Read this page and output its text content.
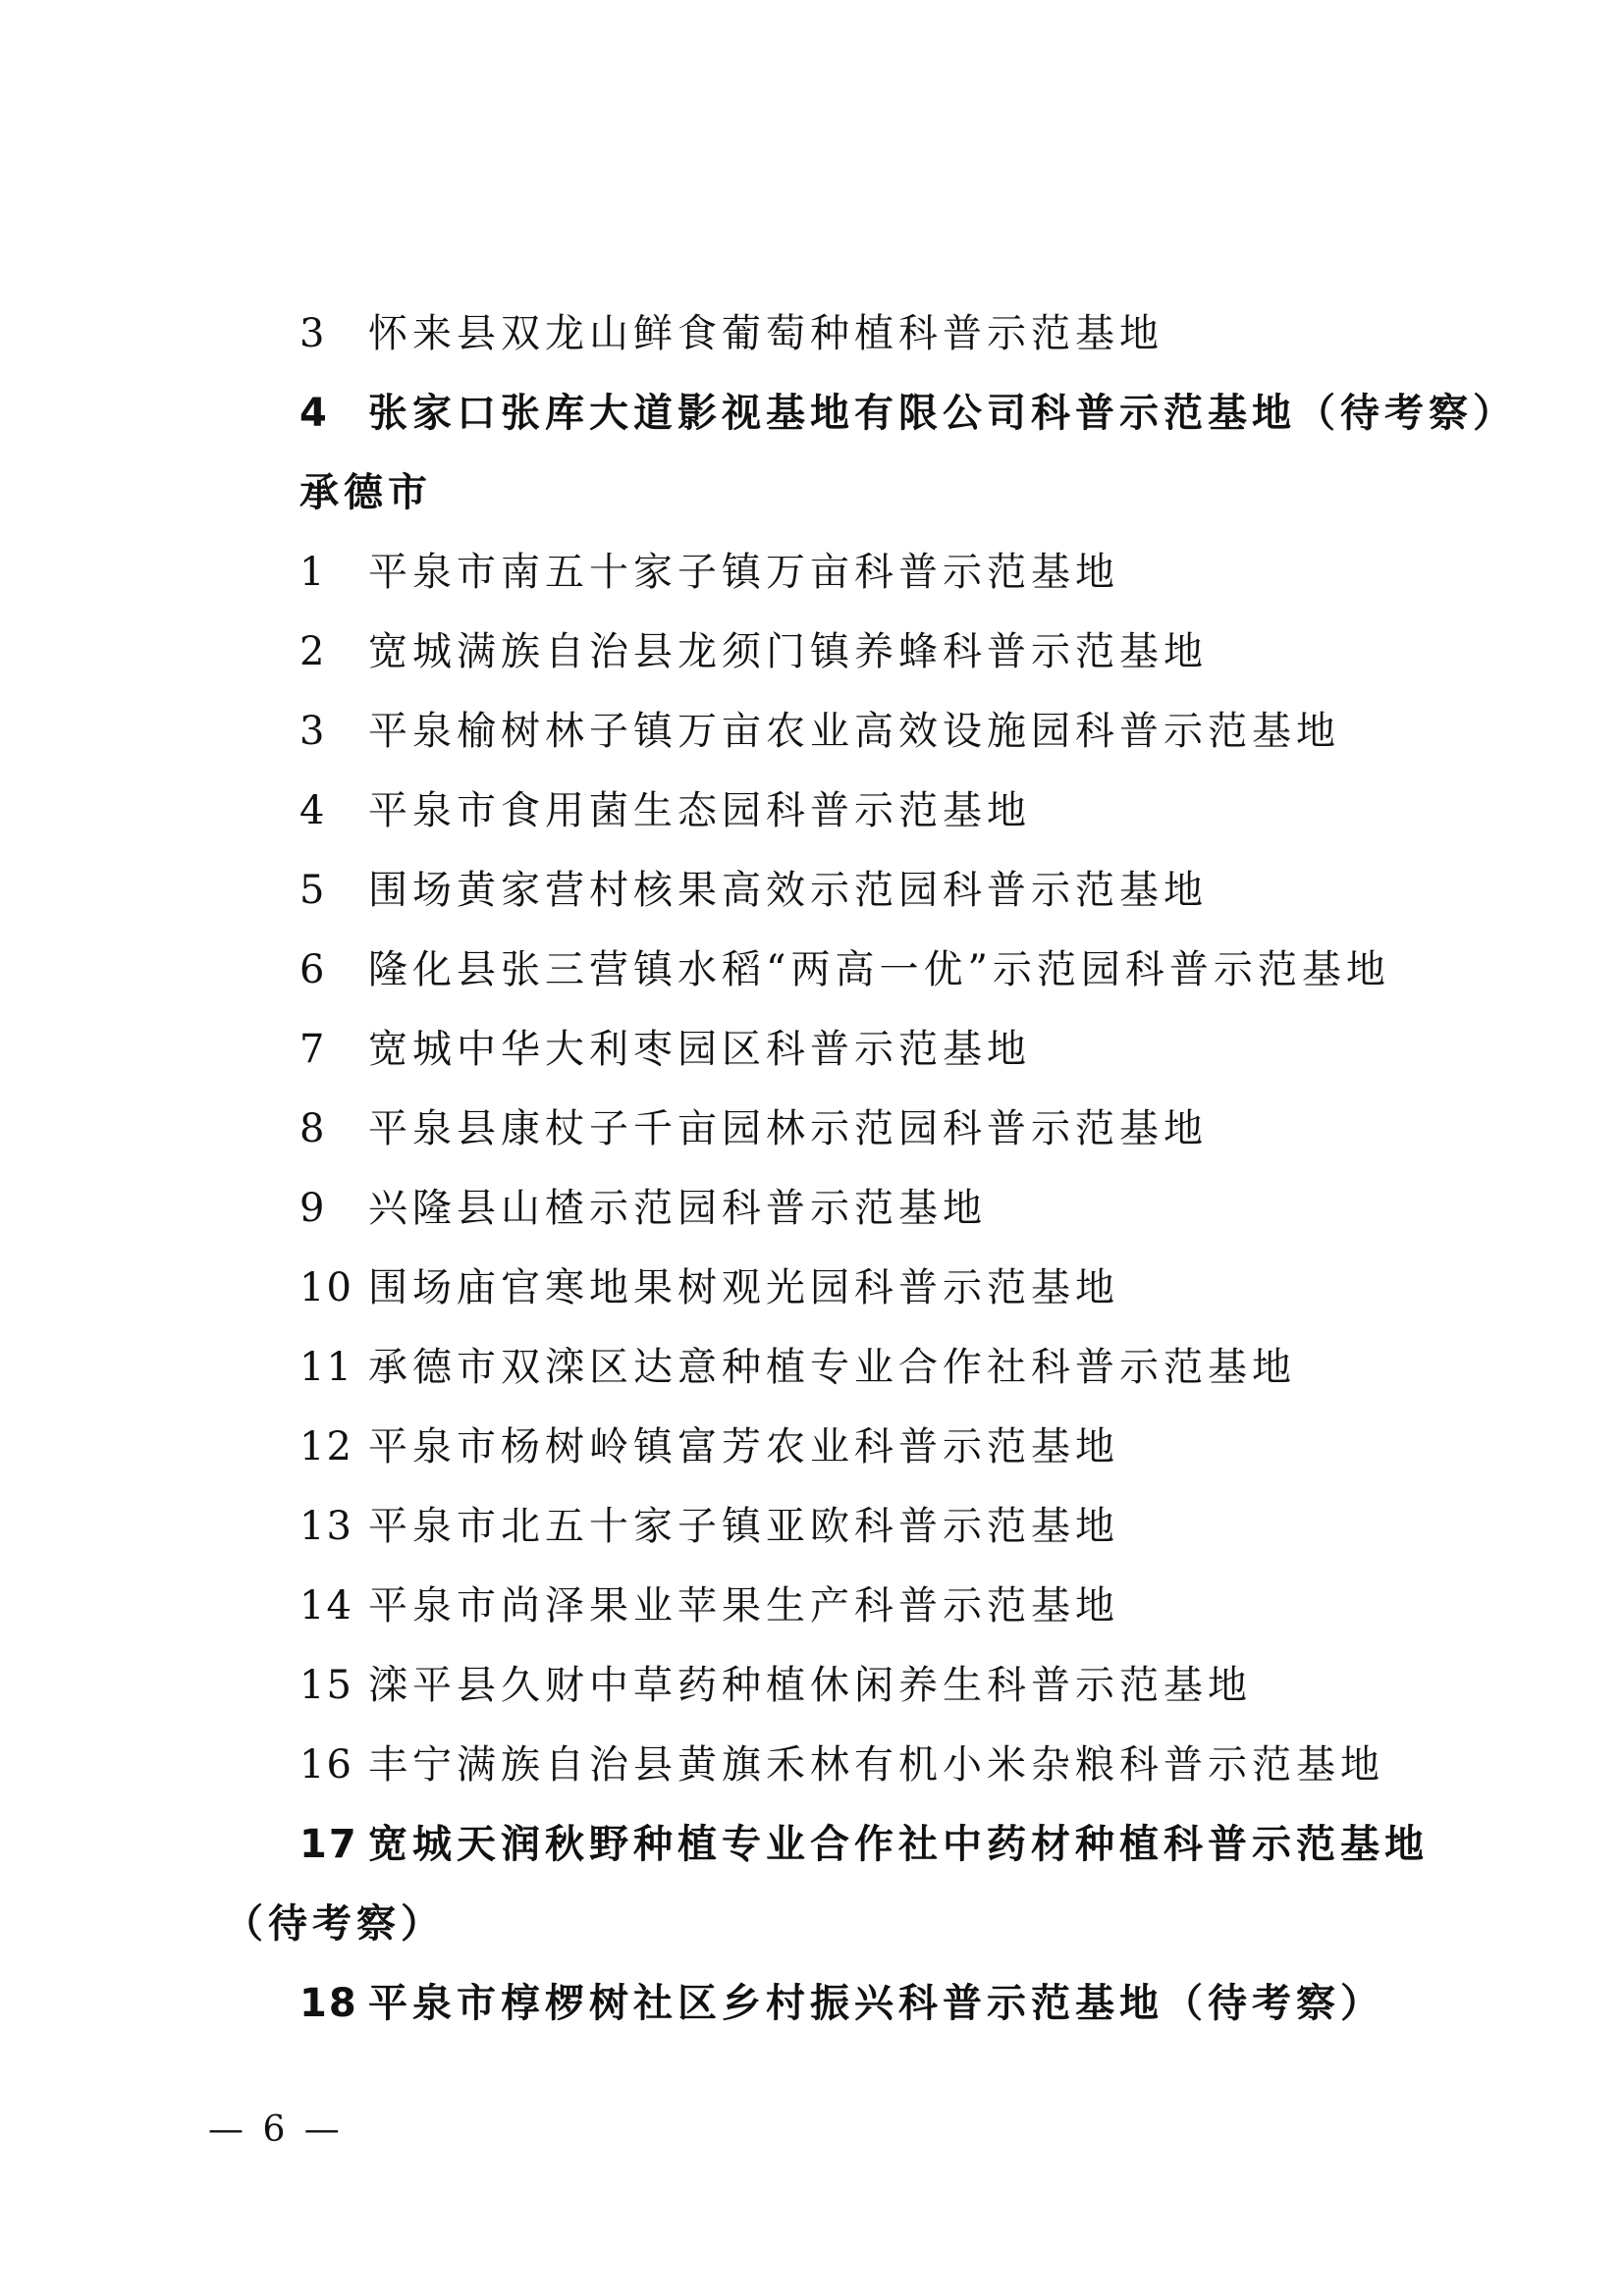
3 怀来县双龙山鲜食葡萄种植科普示范基地
4 张家口张库大道影视基地有限公司科普示范基地（待考察）
承德市
1 平泉市南五十家子镇万亩科普示范基地
2 宽城满族自治县龙须门镇养蜂科普示范基地
3 平泉榆树林子镇万亩农业高效设施园科普示范基地
4 平泉市食用菌生态园科普示范基地
5 围场黄家营村核果高效示范园科普示范基地
6 隆化县张三营镇水稻“两高一优”示范园科普示范基地
7 宽城中华大利枣园区科普示范基地
8 平泉县康杖子千亩园林示范园科普示范基地
9 兴隆县山楂示范园科普示范基地
10 围场庙官寒地果树观光园科普示范基地
11 承德市双滦区达意种植专业合作社科普示范基地
12 平泉市杨树岭镇富芳农业科普示范基地
13 平泉市北五十家子镇亚欧科普示范基地
14 平泉市尚泽果业苹果生产科普示范基地
15 滦平县久财中草药种植休闲养生科普示范基地
16 丰宁满族自治县黄旗禾林有机小米杂粮科普示范基地
17 宽城天润秋野种植专业合作社中药材种植科普示范基地
（待考察）
18 平泉市椁椤树社区乡村振兴科普示范基地（待考察）
— 6 —
